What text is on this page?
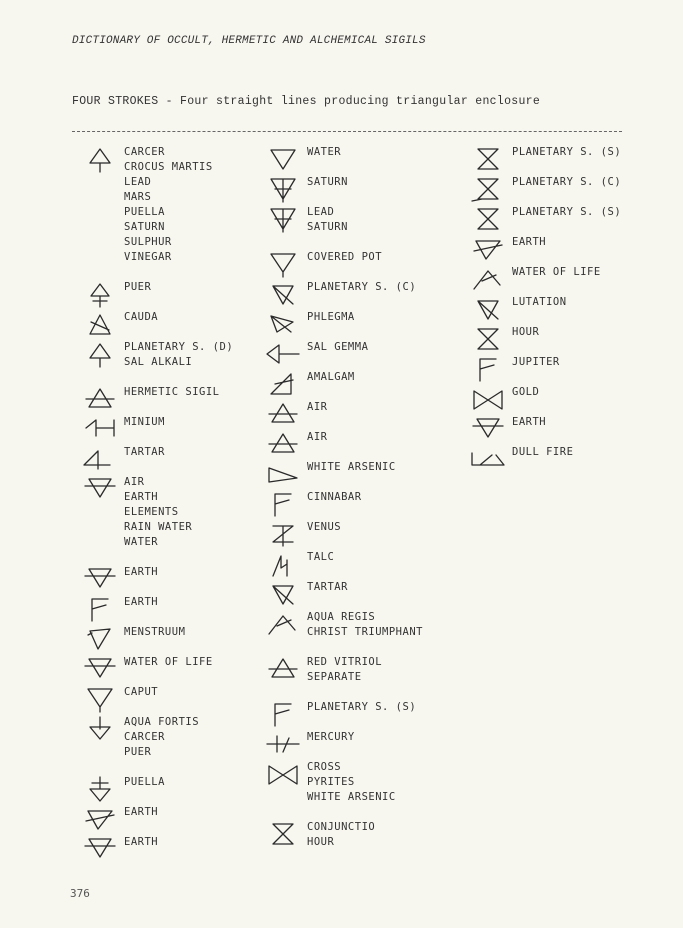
DICTIONARY OF OCCULT, HERMETIC AND ALCHEMICAL SIGILS
FOUR STROKES - Four straight lines producing triangular enclosure
CARCER
CROCUS MARTIS
LEAD
MARS
PUELLA
SATURN
SULPHUR
VINEGAR
PUER
CAUDA
PLANETARY S. (D)
SAL ALKALI
HERMETIC SIGIL
MINIUM
TARTAR
AIR
EARTH
ELEMENTS
RAIN WATER
WATER
EARTH
EARTH
MENSTRUUM
WATER OF LIFE
CAPUT
AQUA FORTIS
CARCER
PUER
PUELLA
EARTH
EARTH
WATER
SATURN
LEAD
SATURN
COVERED POT
PLANETARY S. (C)
PHLEGMA
SAL GEMMA
AMALGAM
AIR
AIR
WHITE ARSENIC
CINNABAR
VENUS
TALC
TARTAR
AQUA REGIS
CHRIST TRIUMPHANT
RED VITRIOL
SEPARATE
PLANETARY S. (S)
MERCURY
CROSS
PYRITES
WHITE ARSENIC
CONJUNCTIO
HOUR
PLANETARY S. (S)
PLANETARY S. (C)
PLANETARY S. (S)
EARTH
WATER OF LIFE
LUTATION
HOUR
JUPITER
GOLD
EARTH
DULL FIRE
376
